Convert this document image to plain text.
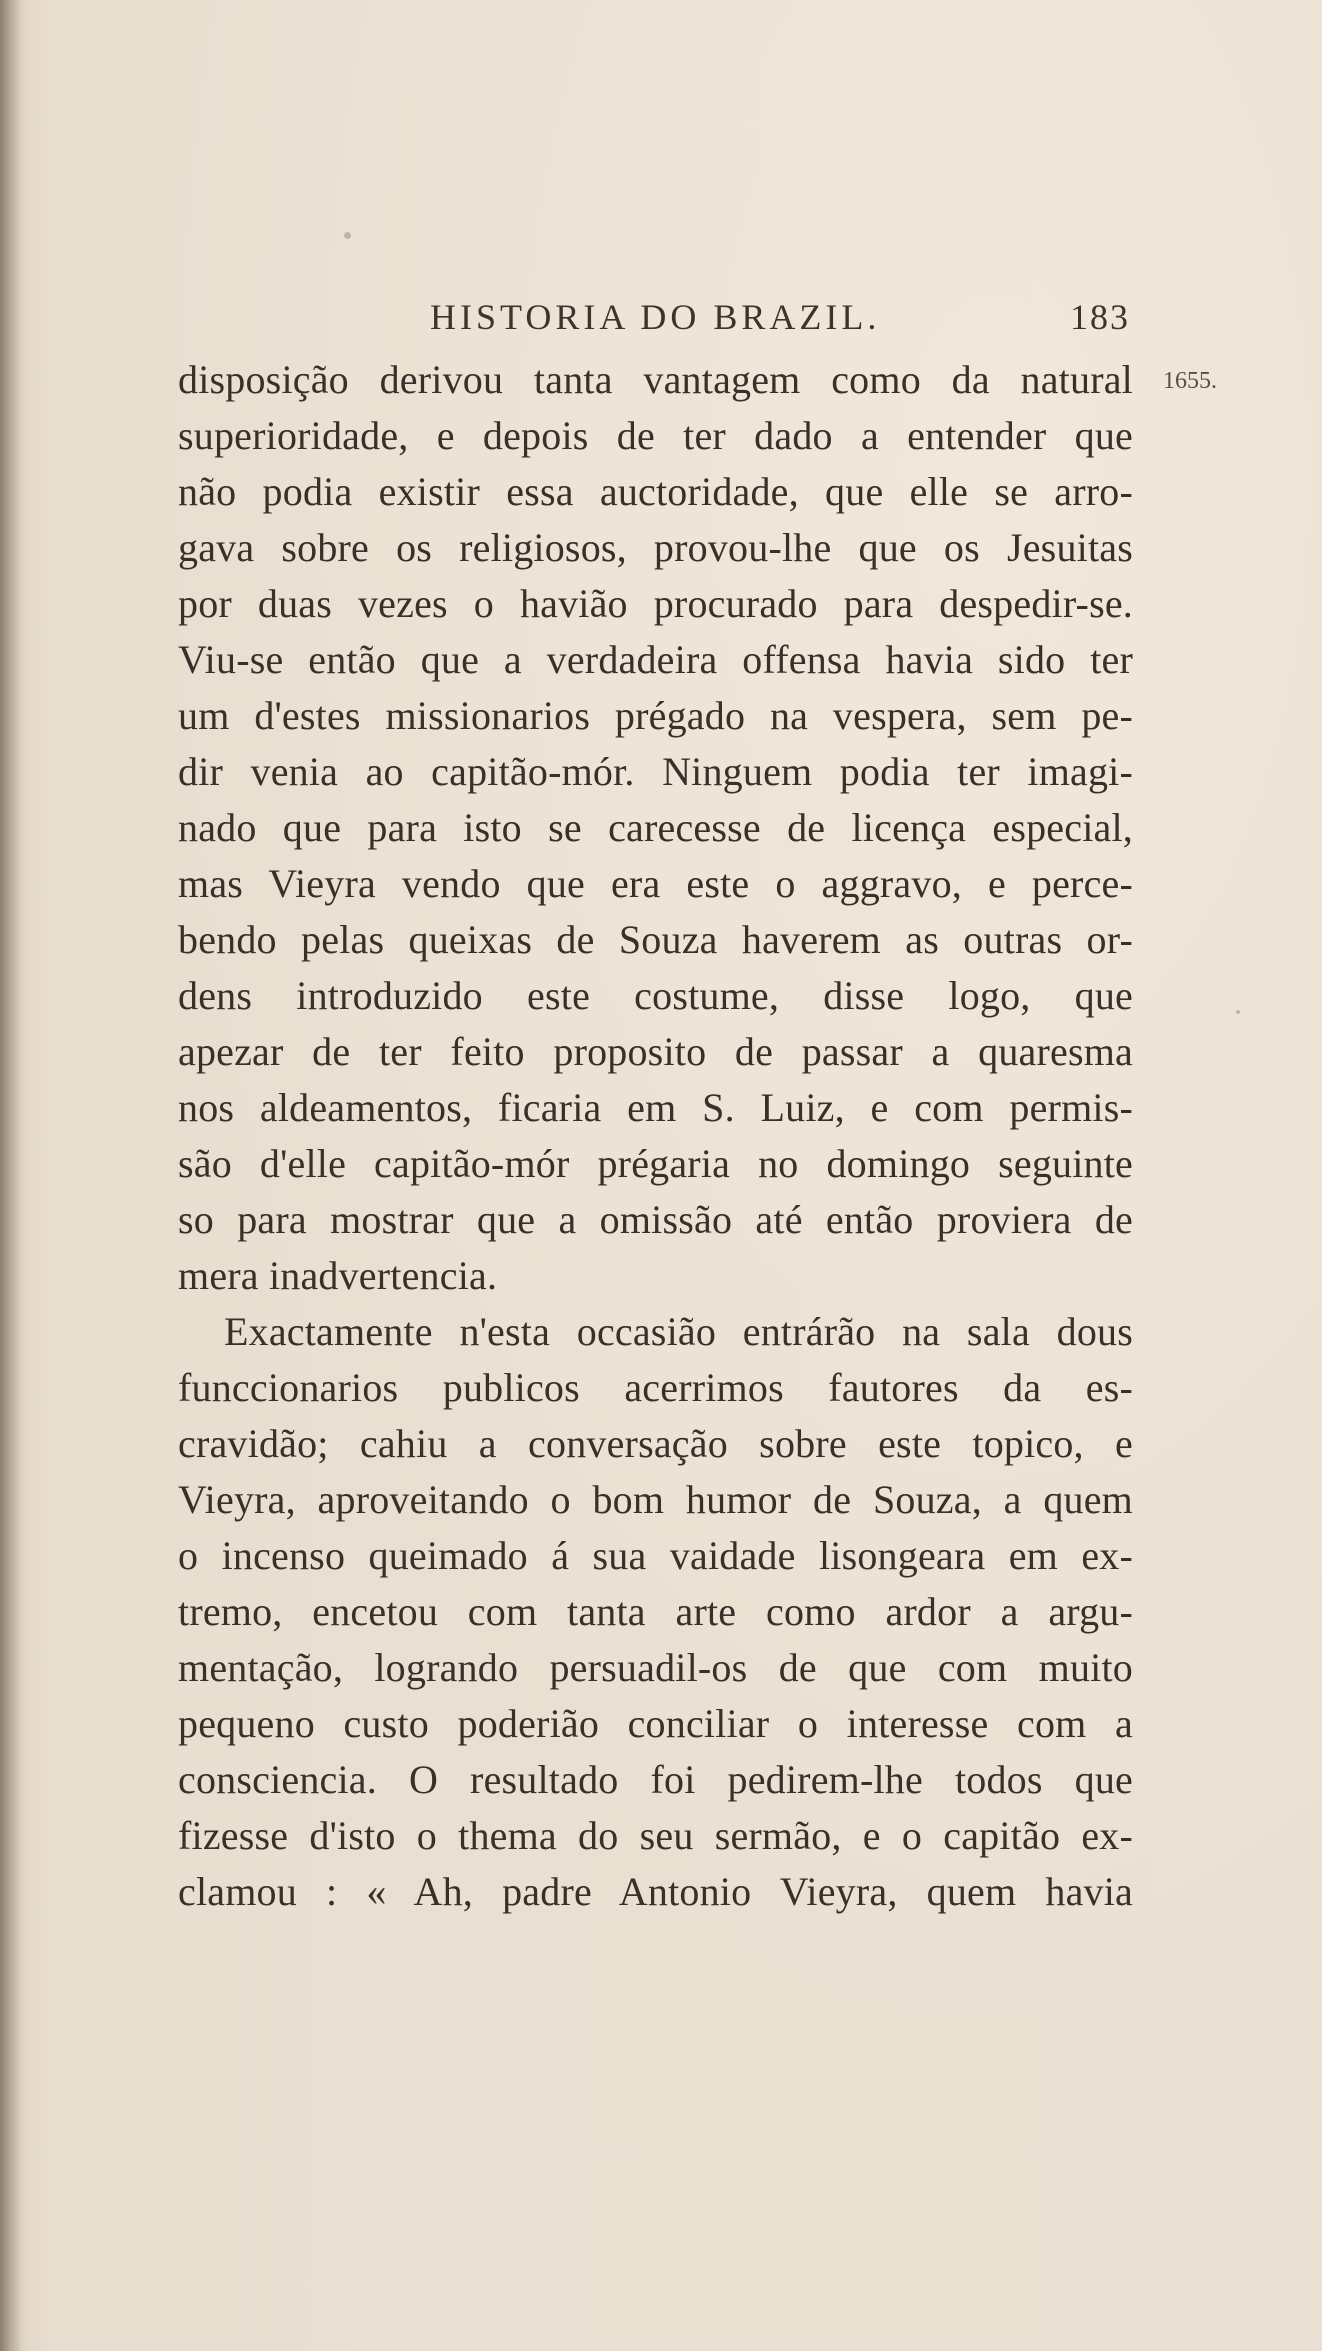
HISTORIA DO BRAZIL.	183
1655.
disposição derivou tanta vantagem como da natural
superioridade, e depois de ter dado a entender que
não podia existir essa auctoridade, que elle se arro-
gava sobre os religiosos, provou-lhe que os Jesuitas
por duas vezes o havião procurado para despedir-se.
Viu-se então que a verdadeira offensa havia sido ter
um d'estes missionarios prégado na vespera, sem pe-
dir venia ao capitão-mór. Ninguem podia ter imagi-
nado que para isto se carecesse de licença especial,
mas Vieyra vendo que era este o aggravo, e perce-
bendo pelas queixas de Souza haverem as outras or-
dens introduzido este costume, disse logo, que
apezar de ter feito proposito de passar a quaresma
nos aldeamentos, ficaria em S. Luiz, e com permis-
são d'elle capitão-mór prégaria no domingo seguinte
so para mostrar que a omissão até então proviera de
mera inadvertencia.
Exactamente n'esta occasião entrárão na sala dous
funccionarios publicos acerrimos fautores da es-
cravidão; cahiu a conversação sobre este topico, e
Vieyra, aproveitando o bom humor de Souza, a quem
o incenso queimado á sua vaidade lisongeara em ex-
tremo, encetou com tanta arte como ardor a argu-
mentação, logrando persuadil-os de que com muito
pequeno custo poderião conciliar o interesse com a
consciencia. O resultado foi pedirem-lhe todos que
fizesse d'isto o thema do seu sermão, e o capitão ex-
clamou : « Ah, padre Antonio Vieyra, quem havia
